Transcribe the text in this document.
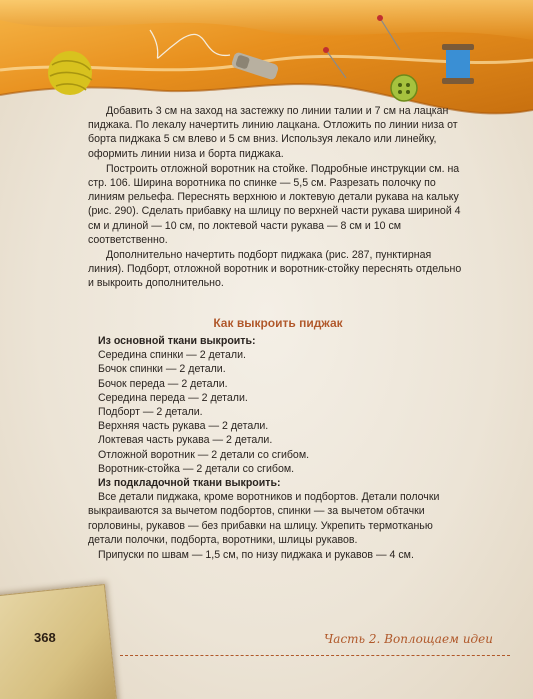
Добавить 3 см на заход на застежку по линии талии и 7 см на лацкан пиджака. По лекалу начертить линию лацкана. Отложить по линии низа от борта пиджака 5 см влево и 5 см вниз. Используя лекало или линейку, оформить линии низа и борта пиджака.

Построить отложной воротник на стойке. Подробные инструкции см. на стр. 106. Ширина воротника по спинке — 5,5 см. Разрезать полочку по линиям рельефа. Переснять верхнюю и локтевую детали рукава на кальку (рис. 290). Сделать прибавку на шлицу по верхней части рукава шириной 4 см и длиной — 10 см, по локтевой части рукава — 8 см и 10 см соответственно.

Дополнительно начертить подборт пиджака (рис. 287, пунктирная линия). Подборт, отложной воротник и воротник-стойку переснять отдельно и выкроить дополнительно.

Как выкроить пиджак
Из основной ткани выкроить:
Середина спинки — 2 детали.
Бочок спинки — 2 детали.
Бочок переда — 2 детали.
Середина переда — 2 детали.
Подборт — 2 детали.
Верхняя часть рукава — 2 детали.
Локтевая часть рукава — 2 детали.
Отложной воротник — 2 детали со сгибом.
Воротник-стойка — 2 детали со сгибом.
Из подкладочной ткани выкроить:

Все детали пиджака, кроме воротников и подбортов. Детали полочки выкраиваются за вычетом подбортов, спинки — за вычетом обтачки горловины, рукавов — без прибавки на шлицу. Укрепить термотканью детали полочки, подборта, воротники, шлицы рукавов.

Припуски по швам — 1,5 см, по низу пиджака и рукавов — 4 см.

368	Часть 2. Воплощаем идеи
